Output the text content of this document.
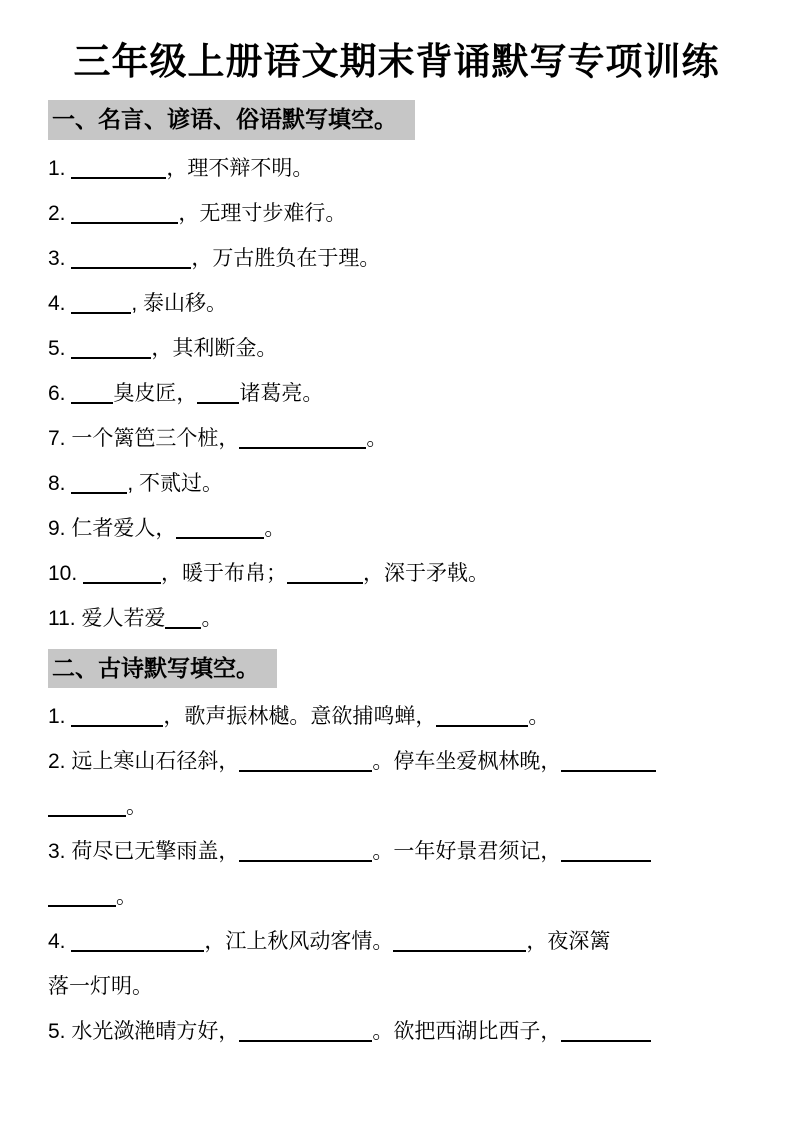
三年级上册语文期末背诵默写专项训练
一、名言、谚语、俗语默写填空。
1.	，理不辩不明。
2.	，无理寸步难行。
3.	，万古胜负在于理。
4.	, 泰山移。
5.	，其利断金。
6. 臭皮匠， 诸葛亮。
7. 一个篱笆三个桩，	。
8.	, 不贰过。
9. 仁者爱人，	。
10.	，暖于布帛；	，深于矛戟。
11. 爱人若爱 。
二、古诗默写填空。
1.	，歌声振林樾。意欲捕鸣蝉，	。
2. 远上寒山石径斜，	。停车坐爱枫林晚，
。
3. 荷尽已无擎雨盖，	。一年好景君须记，
。
4.	，江上秋风动客情。	，夜深篱
落一灯明。
5. 水光潋滟晴方好，	。欲把西湖比西子，
